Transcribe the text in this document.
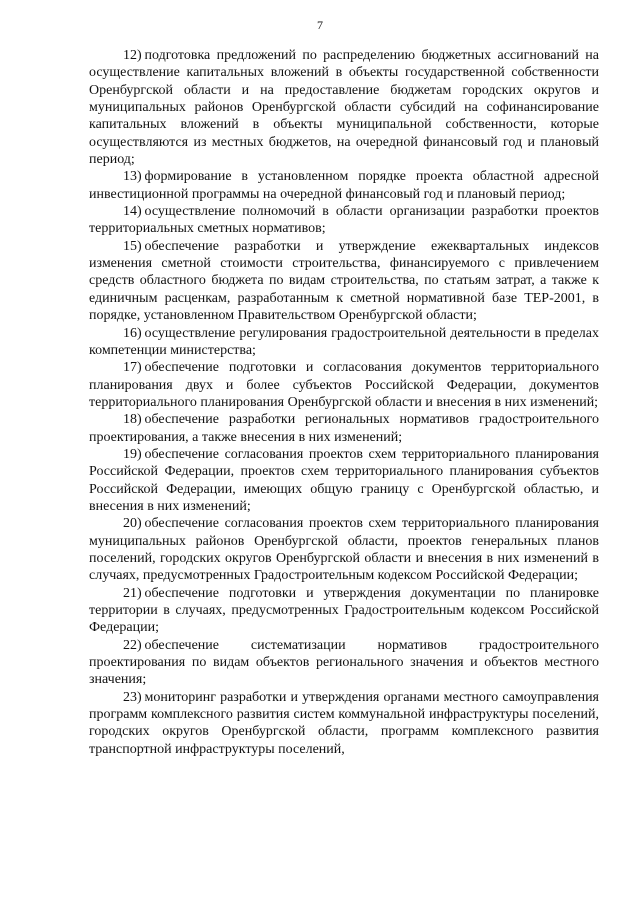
7

12)  подготовка предложений по распределению бюджетных ассигнований на осуществление капитальных вложений в объекты государственной собственности Оренбургской области и на предоставление бюджетам городских округов и муниципальных районов Оренбургской области субсидий на софинансирование капитальных вложений в объекты муниципальной собственности, которые осуществляются из местных бюджетов, на очередной финансовый год и плановый период;

13)  формирование в установленном порядке проекта областной адресной инвестиционной программы на очередной финансовый год и плановый период;

14)  осуществление полномочий в области организации разработки проектов территориальных сметных нормативов;

15)  обеспечение разработки и утверждение ежеквартальных индексов изменения сметной стоимости строительства, финансируемого с привлечением средств областного бюджета по видам строительства, по статьям затрат, а также к единичным расценкам, разработанным к сметной нормативной базе ТЕР-2001, в порядке, установленном Правительством Оренбургской области;

16)  осуществление регулирования градостроительной деятельности в пределах компетенции министерства;

17)  обеспечение подготовки и согласования документов территориального планирования двух и более субъектов Российской Федерации, документов территориального планирования Оренбургской области и внесения в них изменений;

18)  обеспечение разработки региональных нормативов градостроительного проектирования, а также внесения в них изменений;

19)  обеспечение согласования проектов схем территориального планирования Российской Федерации, проектов схем территориального планирования субъектов Российской Федерации, имеющих общую границу с Оренбургской областью, и внесения в них изменений;

20)  обеспечение согласования проектов схем территориального планирования муниципальных районов Оренбургской области, проектов генеральных планов поселений, городских округов Оренбургской области и внесения в них изменений в случаях, предусмотренных Градостроительным кодексом Российской Федерации;

21)  обеспечение подготовки и утверждения документации по планировке территории в случаях, предусмотренных Градостроительным кодексом Российской Федерации;

22)  обеспечение систематизации нормативов градостроительного проектирования по видам объектов регионального значения и объектов местного значения;

23)  мониторинг разработки и утверждения органами местного самоуправления программ комплексного развития систем коммунальной инфраструктуры поселений, городских округов Оренбургской области, программ комплексного развития транспортной инфраструктуры поселений,
